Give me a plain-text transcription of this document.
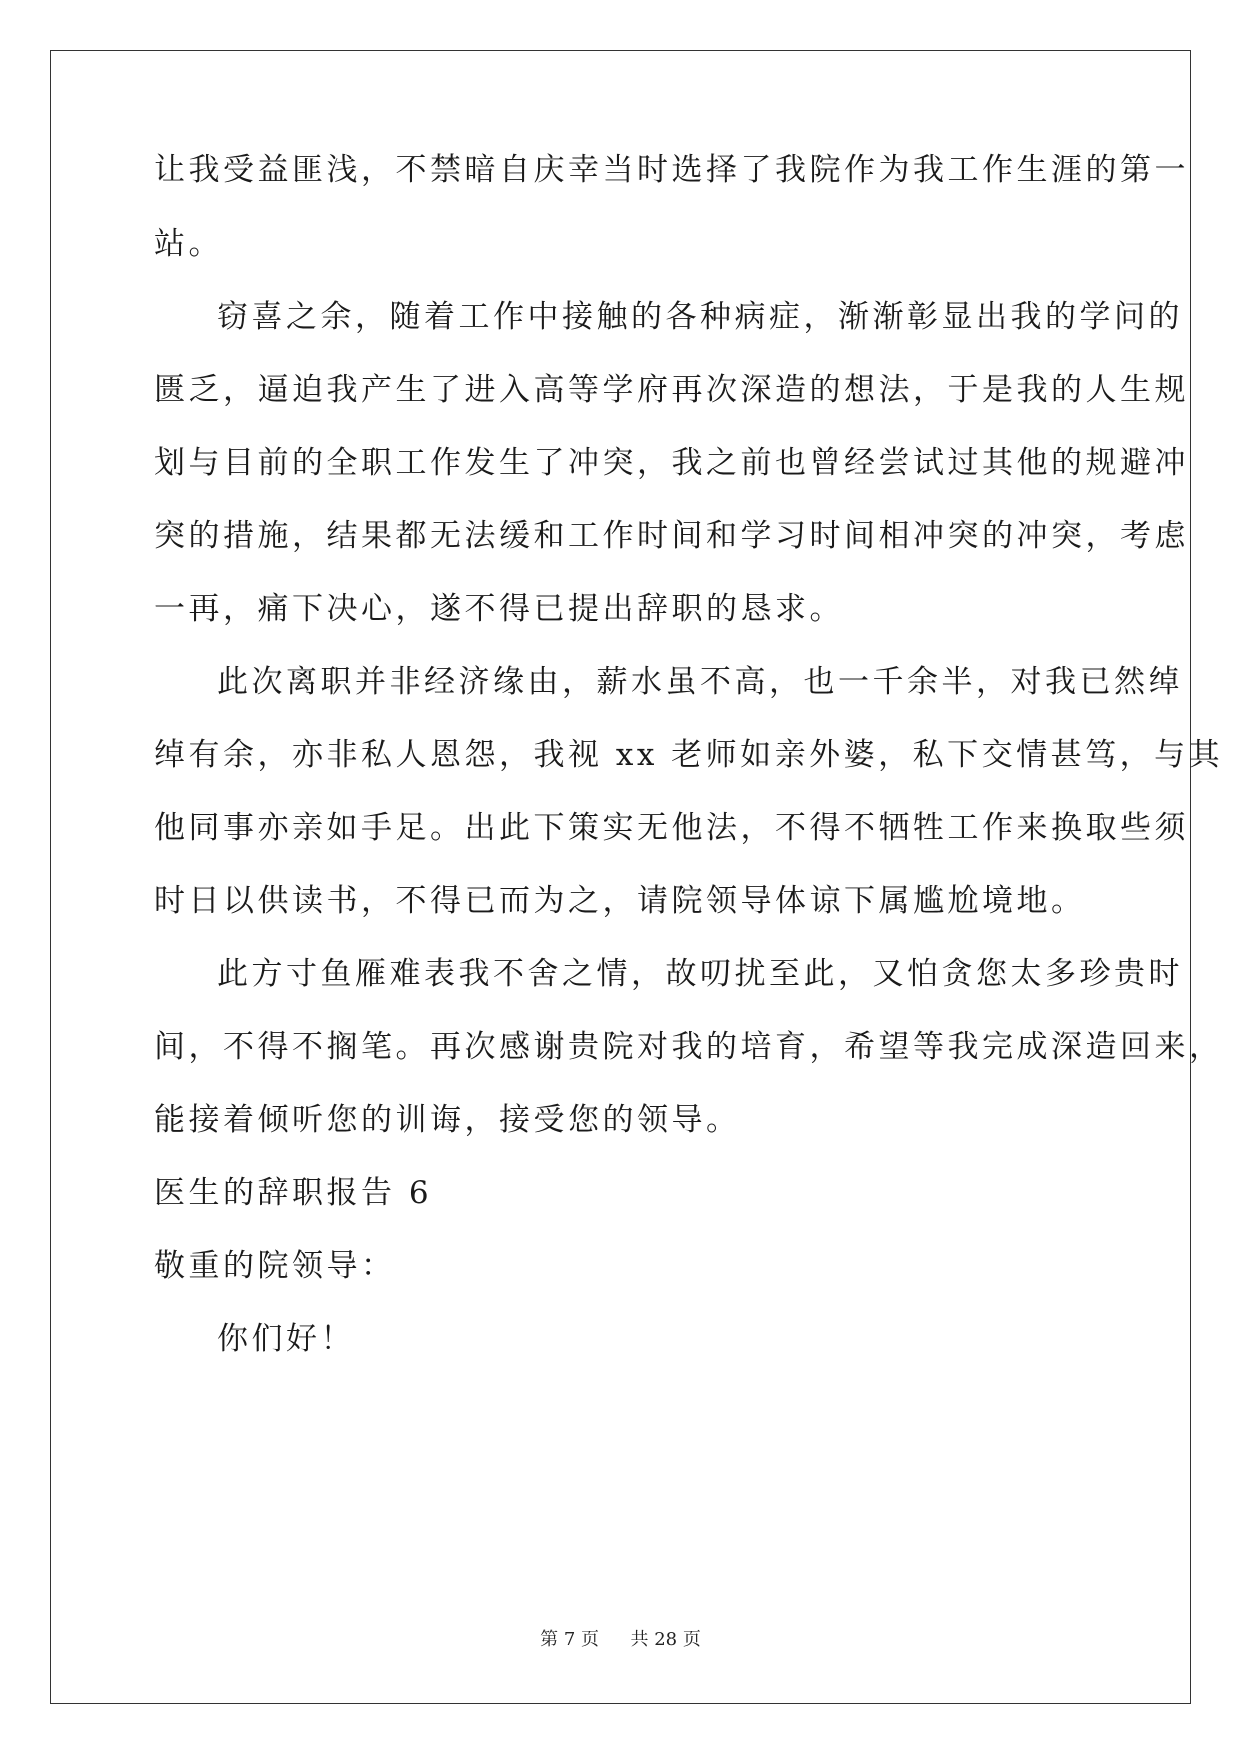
让我受益匪浅，不禁暗自庆幸当时选择了我院作为我工作生涯的第一

站。

窃喜之余，随着工作中接触的各种病症，渐渐彰显出我的学问的

匮乏，逼迫我产生了进入高等学府再次深造的想法，于是我的人生规

划与目前的全职工作发生了冲突，我之前也曾经尝试过其他的规避冲

突的措施，结果都无法缓和工作时间和学习时间相冲突的冲突，考虑

一再，痛下决心，遂不得已提出辞职的恳求。

此次离职并非经济缘由，薪水虽不高，也一千余半，对我已然绰

绰有余，亦非私人恩怨，我视 xx 老师如亲外婆，私下交情甚笃，与其

他同事亦亲如手足。出此下策实无他法，不得不牺牲工作来换取些须

时日以供读书，不得已而为之，请院领导体谅下属尴尬境地。

此方寸鱼雁难表我不舍之情，故叨扰至此，又怕贪您太多珍贵时

间，不得不搁笔。再次感谢贵院对我的培育，希望等我完成深造回来，

能接着倾听您的训诲，接受您的领导。

医生的辞职报告 6

敬重的院领导：

你们好！

第 7 页 共 28 页
